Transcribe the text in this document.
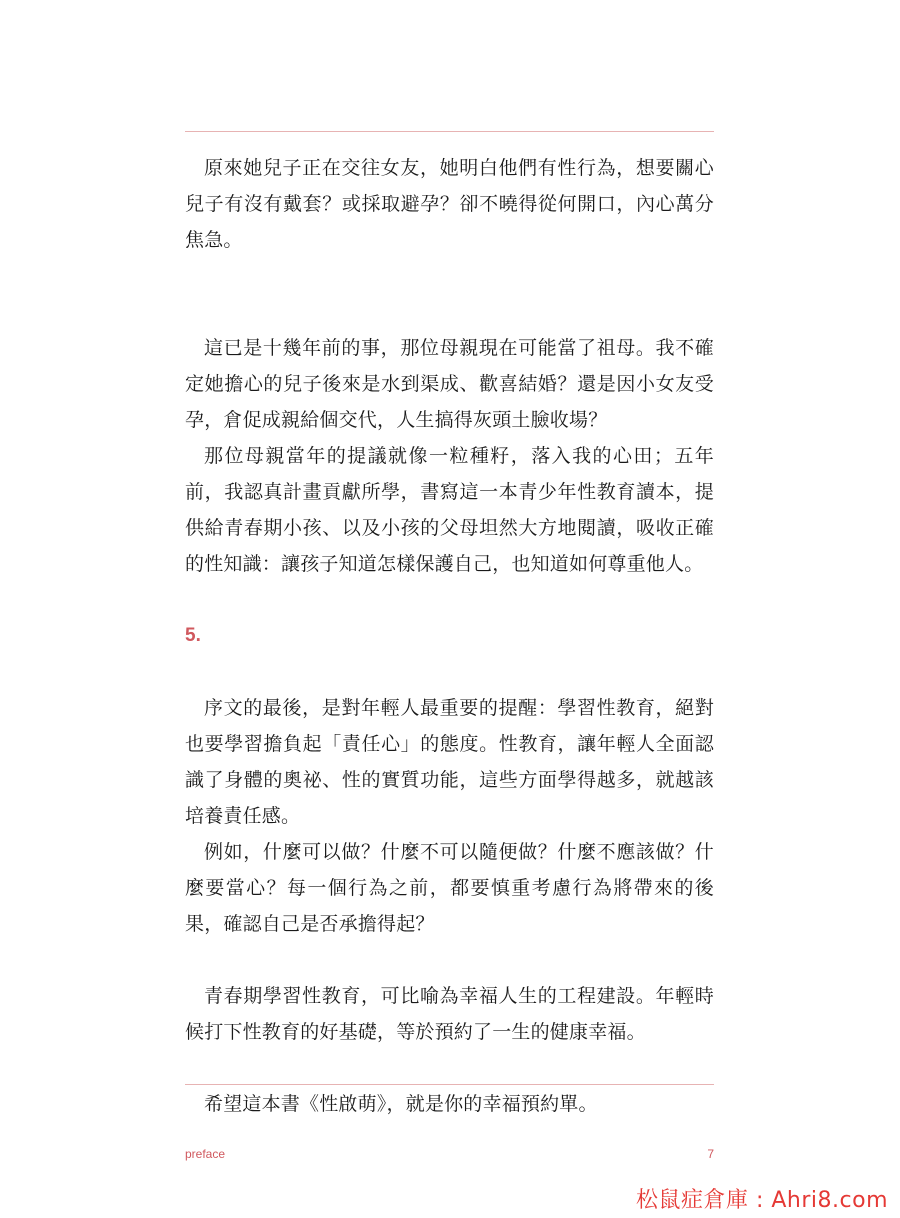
原來她兒子正在交往女友，她明白他們有性行為，想要關心兒子有沒有戴套？或採取避孕？卻不曉得從何開口，內心萬分焦急。

這已是十幾年前的事，那位母親現在可能當了祖母。我不確定她擔心的兒子後來是水到渠成、歡喜結婚？還是因小女友受孕，倉促成親給個交代，人生搞得灰頭土臉收場？

那位母親當年的提議就像一粒種籽，落入我的心田；五年前，我認真計畫貢獻所學，書寫這一本青少年性教育讀本，提供給青春期小孩、以及小孩的父母坦然大方地閱讀，吸收正確的性知識：讓孩子知道怎樣保護自己，也知道如何尊重他人。

5.

序文的最後，是對年輕人最重要的提醒：學習性教育，絕對也要學習擔負起「責任心」的態度。性教育，讓年輕人全面認識了身體的奧祕、性的實質功能，這些方面學得越多，就越該培養責任感。

例如，什麼可以做？什麼不可以隨便做？什麼不應該做？什麼要當心？每一個行為之前，都要慎重考慮行為將帶來的後果，確認自己是否承擔得起？

青春期學習性教育，可比喻為幸福人生的工程建設。年輕時候打下性教育的好基礎，等於預約了一生的健康幸福。

希望這本書《性啟萌》，就是你的幸福預約單。

preface	7
松鼠症倉庫 : Ahri8.com
